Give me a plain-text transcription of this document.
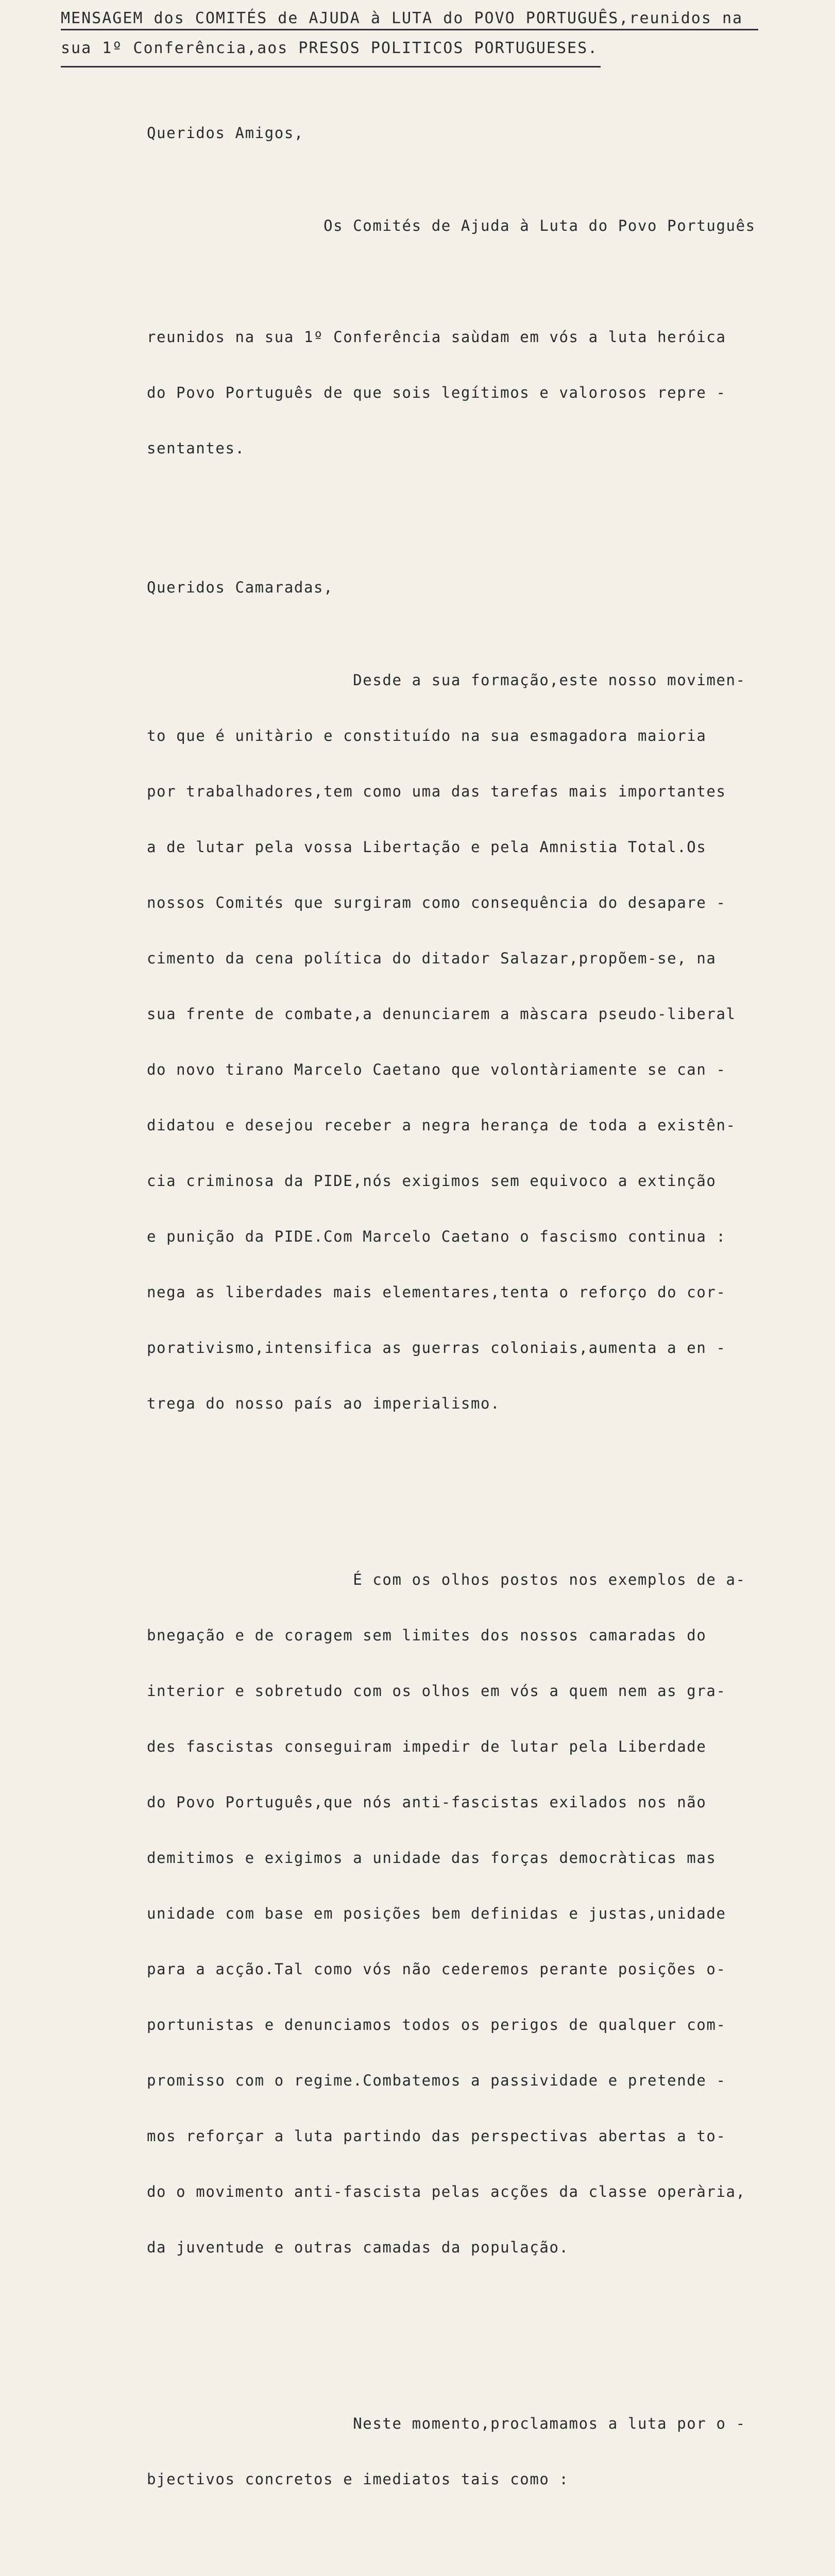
MENSAGEM dos COMITÉS de AJUDA à LUTA do POVO PORTUGUÊS,reunidos na
sua 1º Conferência,aos PRESOS POLITICOS PORTUGUESES.

Queridos Amigos,

Os Comités de Ajuda à Luta do Povo Português

reunidos na sua 1º Conferência saùdam em vós a luta heróica

do Povo Português de que sois legítimos e valorosos repre -

sentantes.

Queridos Camaradas,

Desde a sua formação,este nosso movimen-

to que é unitàrio e constituído na sua esmagadora maioria

por trabalhadores,tem como uma das tarefas mais importantes

a de lutar pela vossa Libertação e pela Amnistia Total.Os

nossos Comités que surgiram como consequência do desapare -

cimento da cena política do ditador Salazar,propõem-se, na

sua frente de combate,a denunciarem a màscara pseudo-liberal

do novo tirano Marcelo Caetano que volontàriamente se can -

didatou e desejou receber a negra herança de toda a existên-

cia criminosa da PIDE,nós exigimos sem equivoco a extinção

e punição da PIDE.Com Marcelo Caetano o fascismo continua :

nega as liberdades mais elementares,tenta o reforço do cor-

porativismo,intensifica as guerras coloniais,aumenta a en -

trega do nosso país ao imperialismo.

É com os olhos postos nos exemplos de a-

bnegação e de coragem sem limites dos nossos camaradas do

interior e sobretudo com os olhos em vós a quem nem as gra-

des fascistas conseguiram impedir de lutar pela Liberdade

do Povo Português,que nós anti-fascistas exilados nos não

demitimos e exigimos a unidade das forças democràticas mas

unidade com base em posições bem definidas e justas,unidade

para a acção.Tal como vós não cederemos perante posições o-

portunistas e denunciamos todos os perigos de qualquer com-

promisso com o regime.Combatemos a passividade e pretende -

mos reforçar a luta partindo das perspectivas abertas a to-

do o movimento anti-fascista pelas acções da classe operària,

da juventude e outras camadas da população.

Neste momento,proclamamos a luta por o -

bjectivos concretos e imediatos tais como :
